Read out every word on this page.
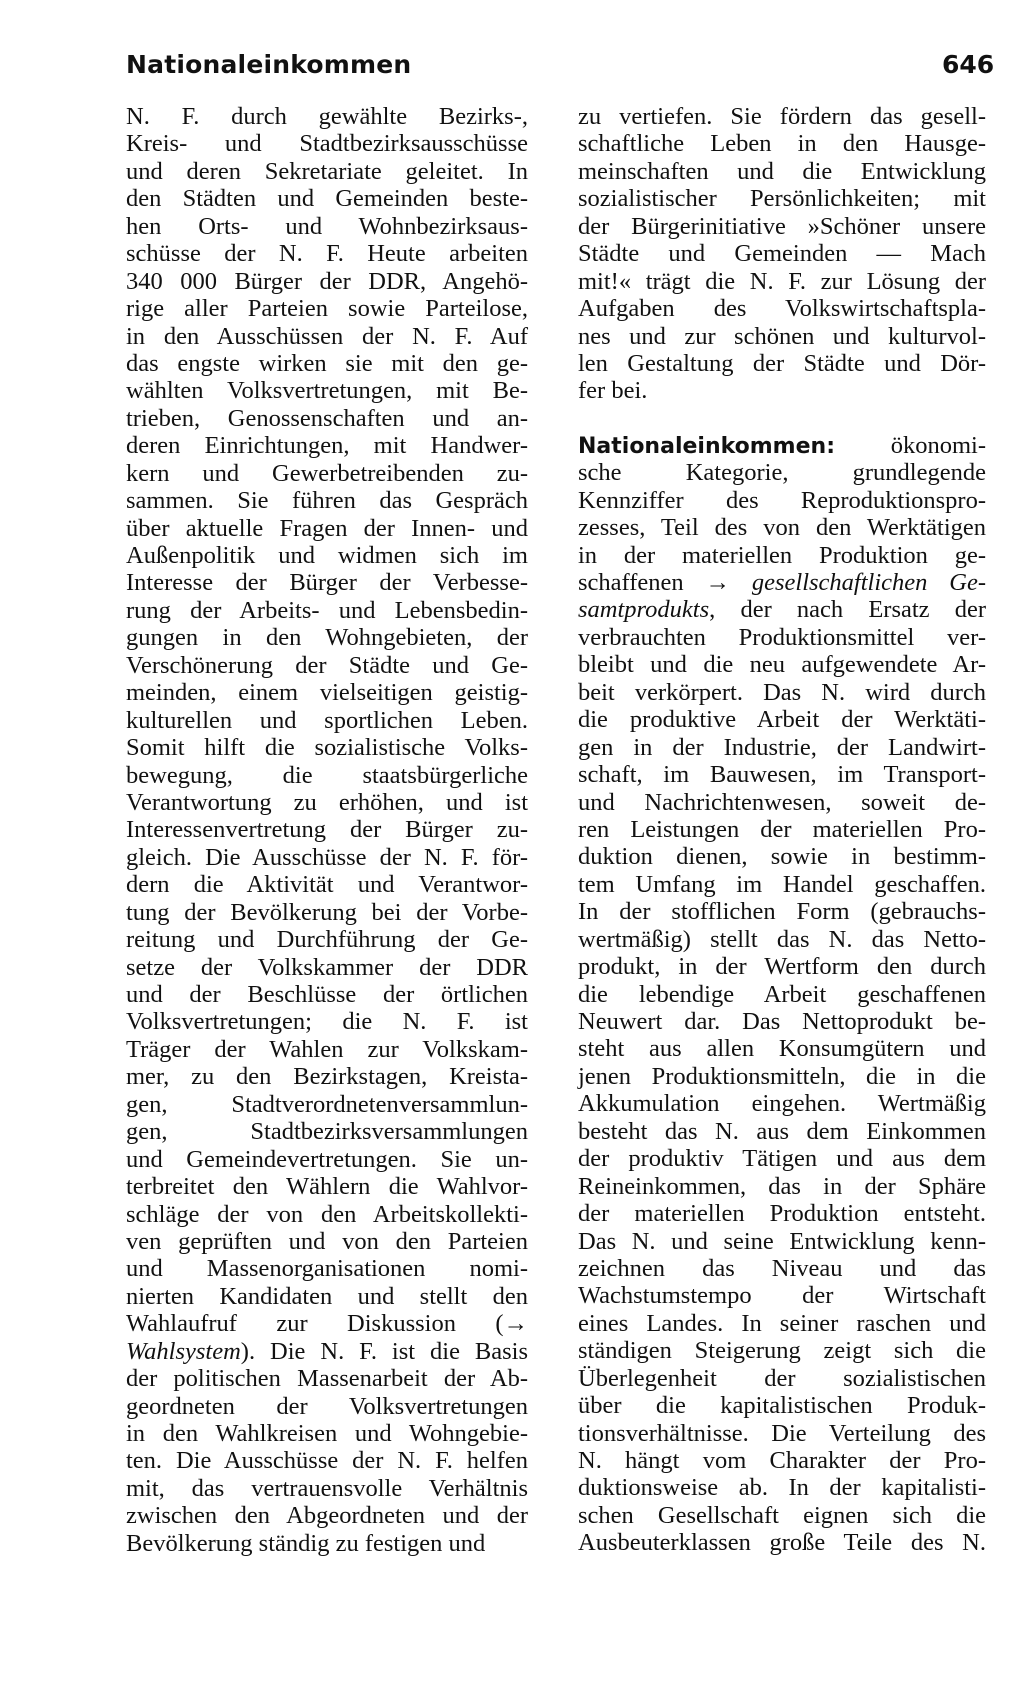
Nationaleinkommen	646
N. F. durch gewählte Bezirks-,
Kreis- und Stadtbezirksausschüsse
und deren Sekretariate geleitet. In
den Städten und Gemeinden beste-
hen Orts- und Wohnbezirksaus-
schüsse der N. F. Heute arbeiten
340 000 Bürger der DDR, Angehö-
rige aller Parteien sowie Parteilose,
in den Ausschüssen der N. F. Auf
das engste wirken sie mit den ge-
wählten Volksvertretungen, mit Be-
trieben, Genossenschaften und an-
deren Einrichtungen, mit Handwer-
kern und Gewerbetreibenden zu-
sammen. Sie führen das Gespräch
über aktuelle Fragen der Innen- und
Außenpolitik und widmen sich im
Interesse der Bürger der Verbesse-
rung der Arbeits- und Lebensbedin-
gungen in den Wohngebieten, der
Verschönerung der Städte und Ge-
meinden, einem vielseitigen geistig-
kulturellen und sportlichen Leben.
Somit hilft die sozialistische Volks-
bewegung, die staatsbürgerliche
Verantwortung zu erhöhen, und ist
Interessenvertretung der Bürger zu-
gleich. Die Ausschüsse der N. F. för-
dern die Aktivität und Verantwor-
tung der Bevölkerung bei der Vorbe-
reitung und Durchführung der Ge-
setze der Volkskammer der DDR
und der Beschlüsse der örtlichen
Volksvertretungen; die N. F. ist
Träger der Wahlen zur Volkskam-
mer, zu den Bezirkstagen, Kreista-
gen, Stadtverordnetenversammlun-
gen, Stadtbezirksversammlungen
und Gemeindevertretungen. Sie un-
terbreitet den Wählern die Wahlvor-
schläge der von den Arbeitskollekti-
ven geprüften und von den Parteien
und Massenorganisationen nomi-
nierten Kandidaten und stellt den
Wahlaufruf zur Diskussion (→
Wahlsystem). Die N. F. ist die Basis
der politischen Massenarbeit der Ab-
geordneten der Volksvertretungen
in den Wahlkreisen und Wohngebie-
ten. Die Ausschüsse der N. F. helfen
mit, das vertrauensvolle Verhältnis
zwischen den Abgeordneten und der
Bevölkerung ständig zu festigen und
zu vertiefen. Sie fördern das gesell-
schaftliche Leben in den Hausge-
meinschaften und die Entwicklung
sozialistischer Persönlichkeiten; mit
der Bürgerinitiative »Schöner unsere
Städte und Gemeinden — Mach
mit!« trägt die N. F. zur Lösung der
Aufgaben des Volkswirtschaftspla-
nes und zur schönen und kulturvol-
len Gestaltung der Städte und Dör-
fer bei.
Nationaleinkommen: ökonomi-
sche Kategorie, grundlegende
Kennziffer des Reproduktionspro-
zesses, Teil des von den Werktätigen
in der materiellen Produktion ge-
schaffenen → gesellschaftlichen Ge-
samtprodukts, der nach Ersatz der
verbrauchten Produktionsmittel ver-
bleibt und die neu aufgewendete Ar-
beit verkörpert. Das N. wird durch
die produktive Arbeit der Werktäti-
gen in der Industrie, der Landwirt-
schaft, im Bauwesen, im Transport-
und Nachrichtenwesen, soweit de-
ren Leistungen der materiellen Pro-
duktion dienen, sowie in bestimm-
tem Umfang im Handel geschaffen.
In der stofflichen Form (gebrauchs-
wertmäßig) stellt das N. das Netto-
produkt, in der Wertform den durch
die lebendige Arbeit geschaffenen
Neuwert dar. Das Nettoprodukt be-
steht aus allen Konsumgütern und
jenen Produktionsmitteln, die in die
Akkumulation eingehen. Wertmäßig
besteht das N. aus dem Einkommen
der produktiv Tätigen und aus dem
Reineinkommen, das in der Sphäre
der materiellen Produktion entsteht.
Das N. und seine Entwicklung kenn-
zeichnen das Niveau und das
Wachstumstempo der Wirtschaft
eines Landes. In seiner raschen und
ständigen Steigerung zeigt sich die
Überlegenheit der sozialistischen
über die kapitalistischen Produk-
tionsverhältnisse. Die Verteilung des
N. hängt vom Charakter der Pro-
duktionsweise ab. In der kapitalisti-
schen Gesellschaft eignen sich die
Ausbeuterklassen große Teile des N.
